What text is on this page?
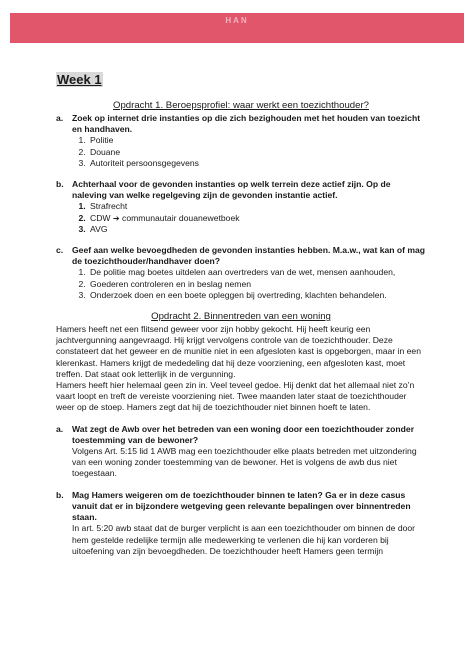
HAN
Week 1

Opdracht 1. Beroepsprofiel: waar werkt een toezichthouder?

a.	Zoek op internet drie instanties op die zich bezighouden met het houden van toezicht en handhaven.
1. Politie
2. Douane
3. Autoriteit persoonsgegevens
b. Achterhaal voor de gevonden instanties op welk terrein deze actief zijn. Op de naleving van welke regelgeving zijn de gevonden instantie actief.
1. Strafrecht
2. CDW ➔ communautair douanewetboek
3. AVG
c.	Geef aan welke bevoegdheden de gevonden instanties hebben. M.a.w., wat kan of mag de toezichthouder/handhaver doen?
1. De politie mag boetes uitdelen aan overtreders van de wet, mensen aanhouden,
2. Goederen controleren en in beslag nemen
3. Onderzoek doen en een boete opleggen bij overtreding, klachten behandelen.

Opdracht 2. Binnentreden van een woning

Hamers heeft net een flitsend geweer voor zijn hobby gekocht. Hij heeft keurig een jachtvergunning aangevraagd. Hij krijgt vervolgens controle van de toezichthouder. Deze constateert dat het geweer en de munitie niet in een afgesloten kast is opgeborgen, maar in een klerenkast. Hamers krijgt de mededeling dat hij deze voorziening, een afgesloten kast, moet treffen. Dat staat ook letterlijk in de vergunning.

Hamers heeft hier helemaal geen zin in. Veel teveel gedoe. Hij denkt dat het allemaal niet zo’n vaart loopt en treft de vereiste voorziening niet. Twee maanden later staat de toezichthouder weer op de stoep. Hamers zegt dat hij de toezichthouder niet binnen hoeft te laten.

a.	Wat zegt de Awb over het betreden van een woning door een toezichthouder zonder toestemming van de bewoner?

Volgens Art. 5:15 lid 1 AWB mag een toezichthouder elke plaats betreden met uitzondering van een woning zonder toestemming van de bewoner. Het is volgens de awb dus niet toegestaan.

b. Mag Hamers weigeren om de toezichthouder binnen te laten? Ga er in deze casus vanuit dat er in bijzondere wetgeving geen relevante bepalingen over binnentreden staan.

In art. 5:20 awb staat dat de burger verplicht is aan een toezichthouder om binnen de door hem gestelde redelijke termijn alle medewerking te verlenen die hij kan vorderen bij uitoefening van zijn bevoegdheden. De toezichthouder heeft Hamers geen termijn
